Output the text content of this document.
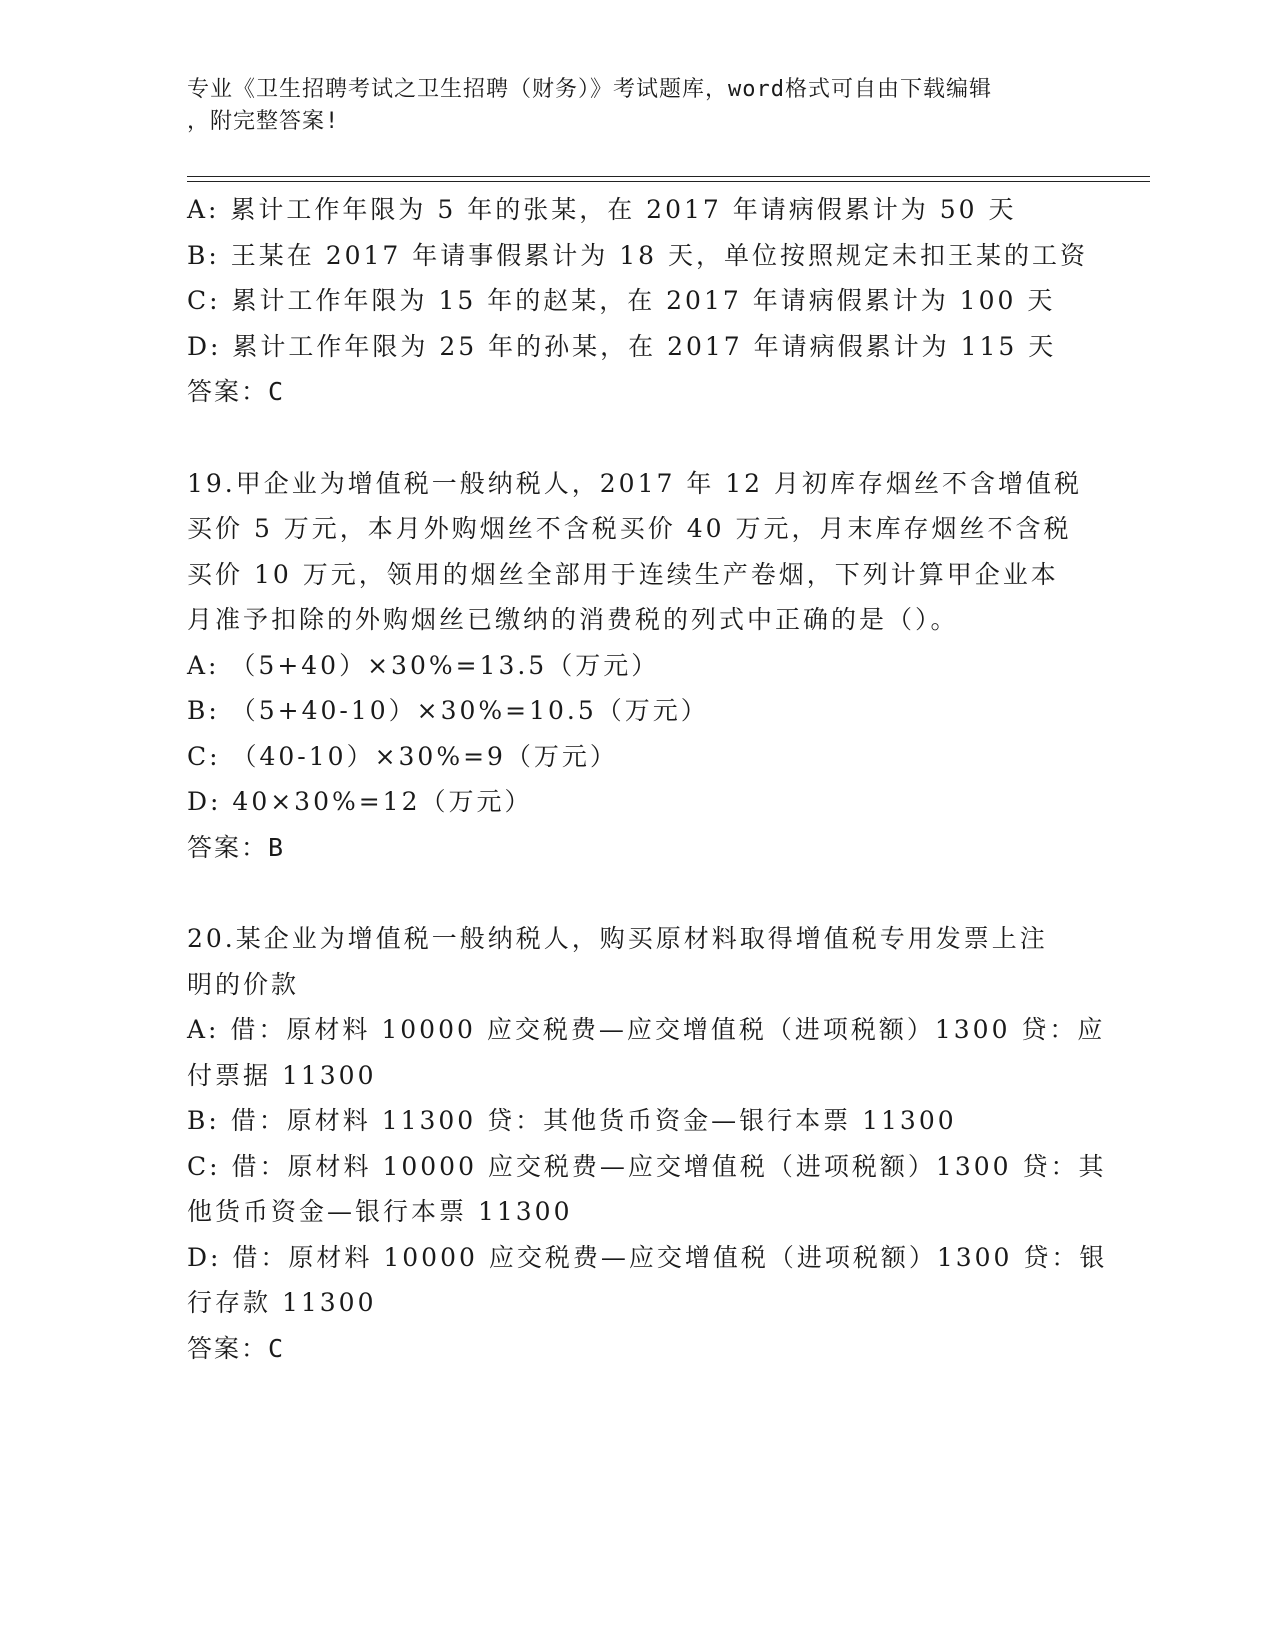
专业《卫生招聘考试之卫生招聘（财务）》考试题库，word格式可自由下载编辑
，附完整答案!
A: 累计工作年限为 5 年的张某，在 2017 年请病假累计为 50 天
B: 王某在 2017 年请事假累计为 18 天，单位按照规定未扣王某的工资
C: 累计工作年限为 15 年的赵某，在 2017 年请病假累计为 100 天
D: 累计工作年限为 25 年的孙某，在 2017 年请病假累计为 115 天
答案：C
19.甲企业为增值税一般纳税人，2017 年 12 月初库存烟丝不含增值税
买价 5 万元，本月外购烟丝不含税买价 40 万元，月末库存烟丝不含税
买价 10 万元，领用的烟丝全部用于连续生产卷烟，下列计算甲企业本
月准予扣除的外购烟丝已缴纳的消费税的列式中正确的是（）。
A: （5+40）×30%=13.5（万元）
B: （5+40-10）×30%=10.5（万元）
C: （40-10）×30%=9（万元）
D: 40×30%=12（万元）
答案：B
20.某企业为增值税一般纳税人，购买原材料取得增值税专用发票上注
明的价款
A: 借：原材料 10000 应交税费—应交增值税（进项税额）1300 贷：应
付票据 11300
B: 借：原材料 11300 贷：其他货币资金—银行本票 11300
C: 借：原材料 10000 应交税费—应交增值税（进项税额）1300 贷：其
他货币资金—银行本票 11300
D: 借：原材料 10000 应交税费—应交增值税（进项税额）1300 贷：银
行存款 11300
答案：C
